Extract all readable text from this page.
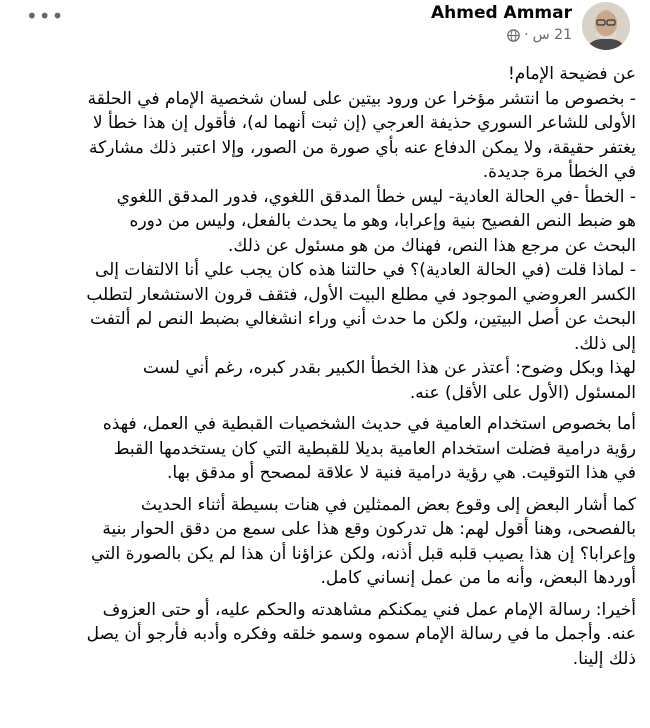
•••	Ahmed Ammar
21 س
·

عن فضيحة الإمام!
- بخصوص ما انتشر مؤخرا عن ورود بيتين على لسان شخصية الإمام في الحلقة
الأولى للشاعر السوري حذيفة العرجي (إن ثبت أنهما له)، فأقول إن هذا خطأ لا
يغتفر حقيقة، ولا يمكن الدفاع عنه بأي صورة من الصور، وإلا اعتبر ذلك مشاركة
في الخطأ مرة جديدة.
- الخطأ -في الحالة العادية- ليس خطأ المدقق اللغوي، فدور المدقق اللغوي
هو ضبط النص الفصيح بنية وإعرابا، وهو ما يحدث بالفعل، وليس من دوره
البحث عن مرجع هذا النص، فهناك من هو مسئول عن ذلك.
- لماذا قلت (في الحالة العادية)؟ في حالتنا هذه كان يجب علي أنا الالتفات إلى
الكسر العروضي الموجود في مطلع البيت الأول، فتقف قرون الاستشعار لتطلب
البحث عن أصل البيتين، ولكن ما حدث أني وراء انشغالي بضبط النص لم ألتفت
إلى ذلك.
لهذا وبكل وضوح: أعتذر عن هذا الخطأ الكبير بقدر كبره، رغم أني لست
المسئول (الأول على الأقل) عنه.

أما بخصوص استخدام العامية في حديث الشخصيات القبطية في العمل، فهذه
رؤية درامية فضلت استخدام العامية بديلا للقبطية التي كان يستخدمها القبط
في هذا التوقيت. هي رؤية درامية فنية لا علاقة لمصحح أو مدقق بها.

كما أشار البعض إلى وقوع بعض الممثلين في هنات بسيطة أثناء الحديث
بالفصحى، وهنا أقول لهم: هل تدركون وقع هذا على سمع من دقق الحوار بنية
وإعرابا؟ إن هذا يصيب قلبه قبل أذنه، ولكن عزاؤنا أن هذا لم يكن بالصورة التي
أوردها البعض، وأنه ما من عمل إنساني كامل.

أخيرا: رسالة الإمام عمل فني يمكنكم مشاهدته والحكم عليه، أو حتى العزوف
عنه. وأجمل ما في رسالة الإمام سموه وسمو خلقه وفكره وأدبه فأرجو أن يصل
ذلك إلينا.
